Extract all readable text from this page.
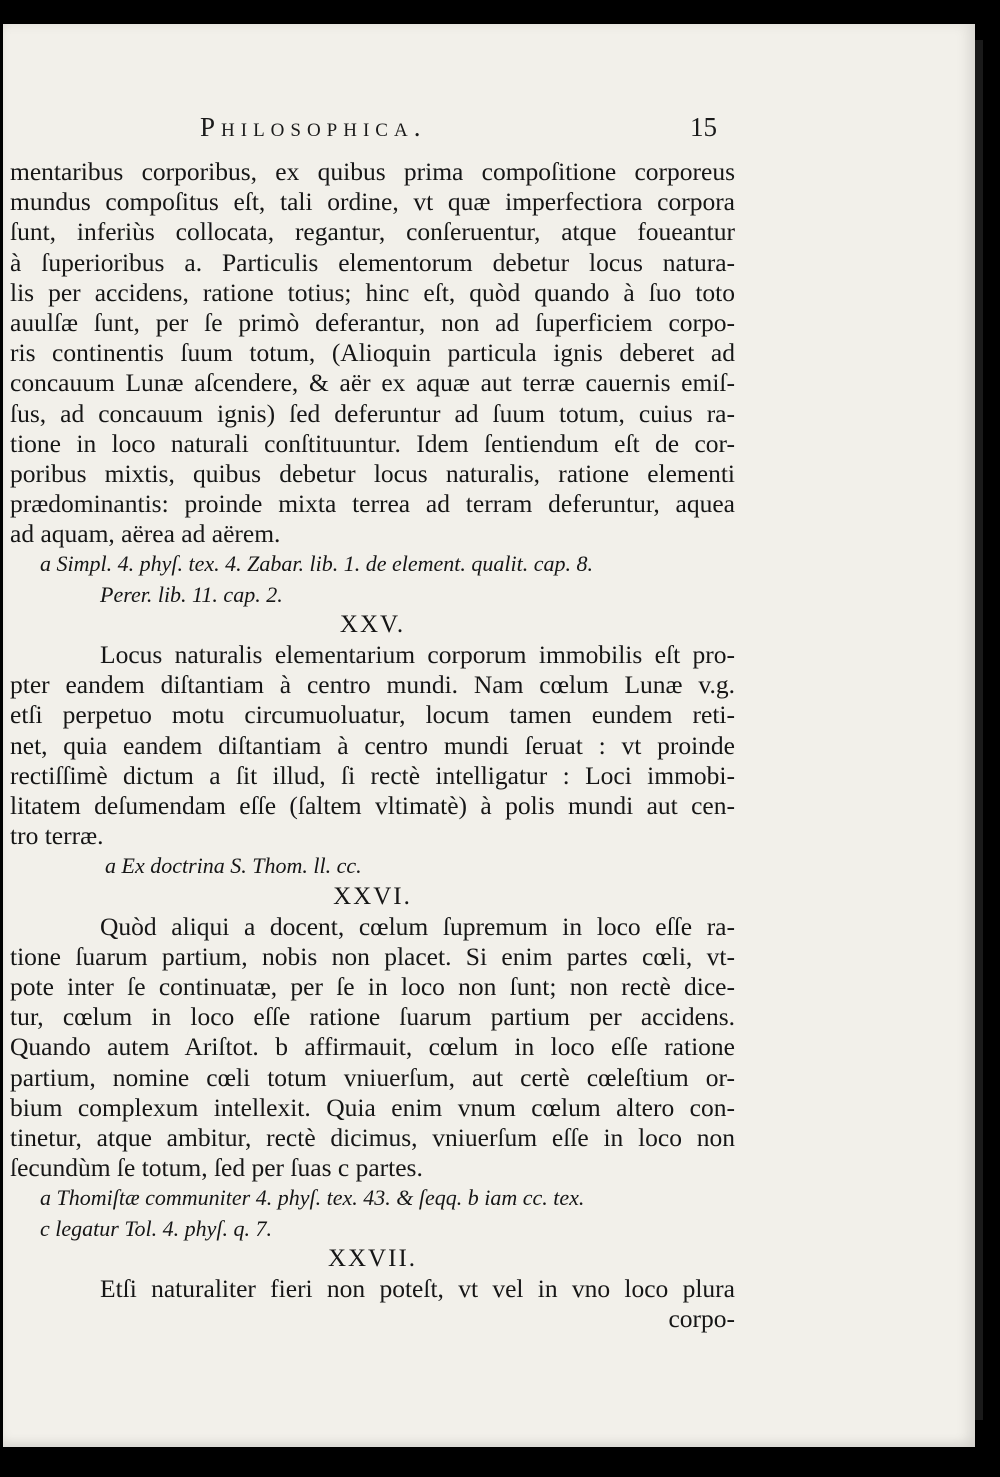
Philosophica.	15
mentaribus corporibus, ex quibus prima compoſitione corporeus
mundus compoſitus eſt, tali ordine, vt quæ imperfectiora corpora
ſunt, inferiùs collocata, regantur, conſeruentur, atque foueantur
à ſuperioribus a. Particulis elementorum debetur locus natura-
lis per accidens, ratione totius; hinc eſt, quòd quando à ſuo toto
auulſæ ſunt, per ſe primò deferantur, non ad ſuperficiem corpo-
ris continentis ſuum totum, (Alioquin particula ignis deberet ad
concauum Lunæ aſcendere, & aër ex aquæ aut terræ cauernis emiſ-
ſus, ad concauum ignis) ſed deferuntur ad ſuum totum, cuius ra-
tione in loco naturali conſtituuntur. Idem ſentiendum eſt de cor-
poribus mixtis, quibus debetur locus naturalis, ratione elementi
prædominantis: proinde mixta terrea ad terram deferuntur, aquea
ad aquam, aërea ad aërem.
a Simpl. 4. phyſ. tex. 4. Zabar. lib. 1. de element. qualit. cap. 8.
Perer. lib. 11. cap. 2.
XXV.
Locus naturalis elementarium corporum immobilis eſt pro-
pter eandem diſtantiam à centro mundi. Nam cœlum Lunæ v.g.
etſi perpetuo motu circumuoluatur, locum tamen eundem reti-
net, quia eandem diſtantiam à centro mundi ſeruat : vt proinde
rectiſſimè dictum a ſit illud, ſi rectè intelligatur : Loci immobi-
litatem deſumendam eſſe (ſaltem vltimatè) à polis mundi aut cen-
tro terræ.
a Ex doctrina S. Thom. ll. cc.
XXVI.
Quòd aliqui a docent, cœlum ſupremum in loco eſſe ra-
tione ſuarum partium, nobis non placet. Si enim partes cœli, vt-
pote inter ſe continuatæ, per ſe in loco non ſunt; non rectè dice-
tur, cœlum in loco eſſe ratione ſuarum partium per accidens.
Quando autem Ariſtot. b affirmauit, cœlum in loco eſſe ratione
partium, nomine cœli totum vniuerſum, aut certè cœleſtium or-
bium complexum intellexit. Quia enim vnum cœlum altero con-
tinetur, atque ambitur, rectè dicimus, vniuerſum eſſe in loco non
ſecundùm ſe totum, ſed per ſuas c partes.
a Thomiſtæ communiter 4. phyſ. tex. 43. & ſeqq. b iam cc. tex.
c legatur Tol. 4. phyſ. q. 7.
XXVII.
Etſi naturaliter fieri non poteſt, vt vel in vno loco plura
corpo-
